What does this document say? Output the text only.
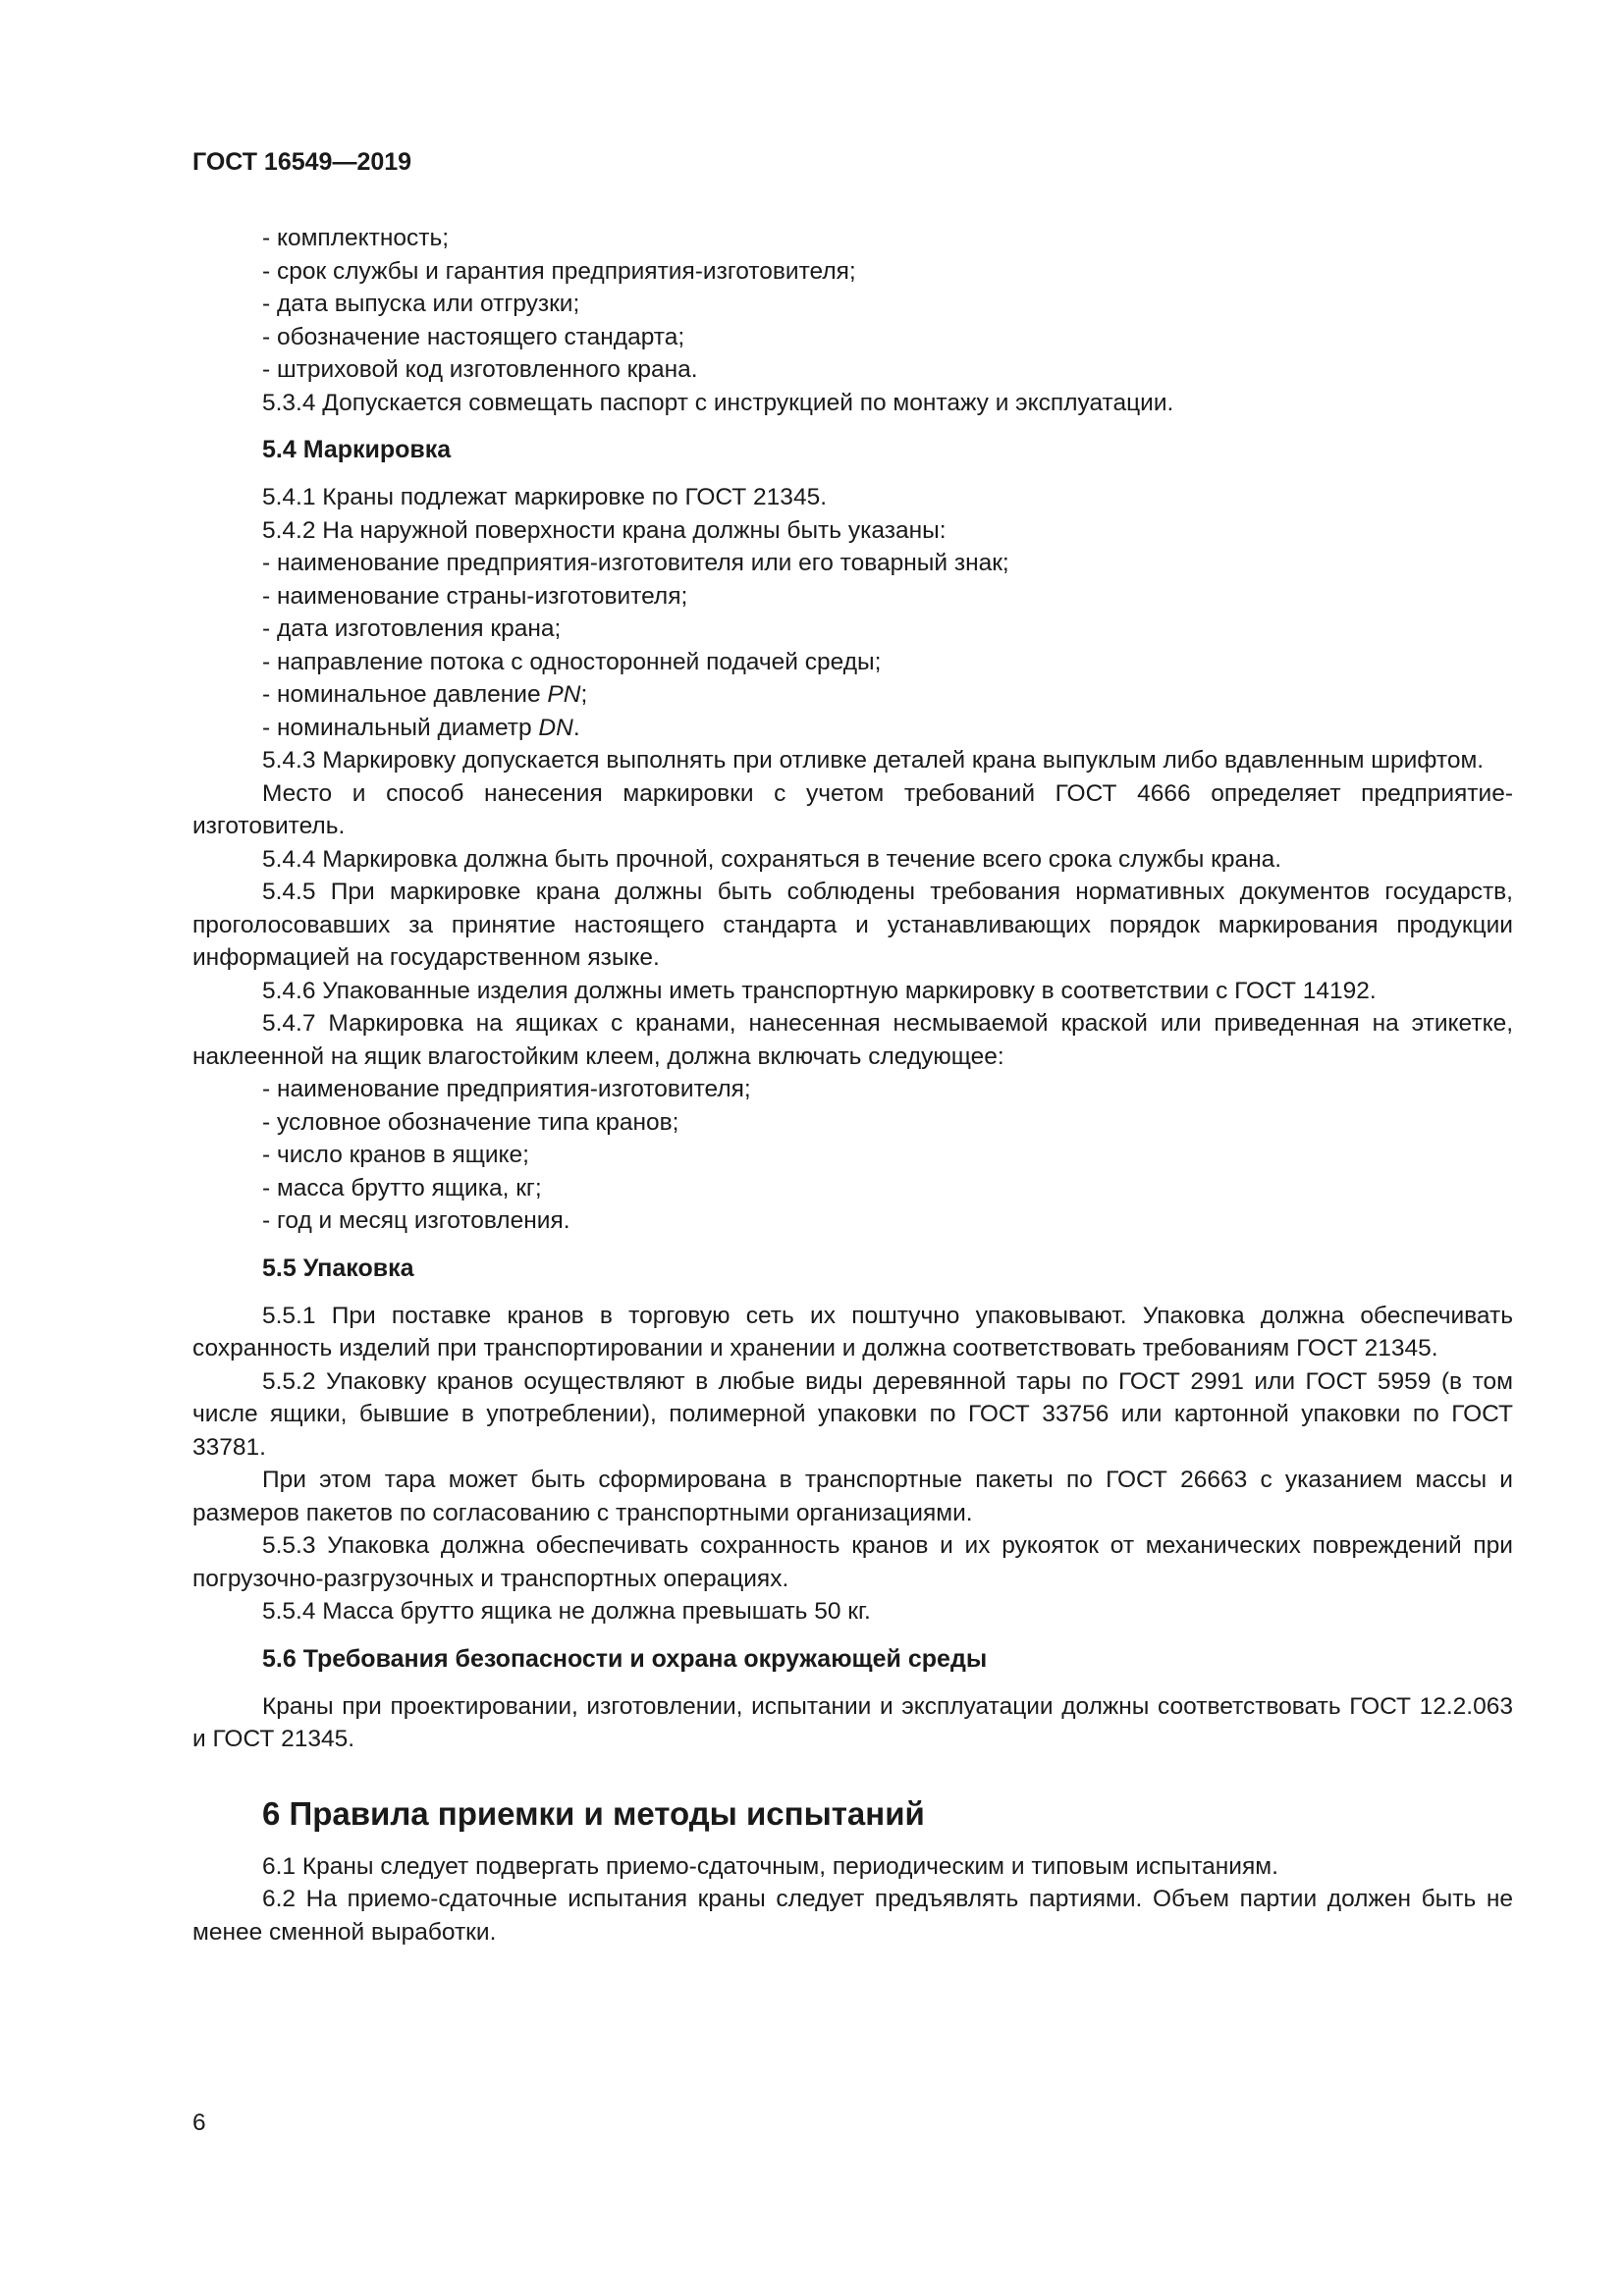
ГОСТ 16549—2019

- комплектность;

- срок службы и гарантия предприятия-изготовителя;

- дата выпуска или отгрузки;

- обозначение настоящего стандарта;

- штриховой код изготовленного крана.

5.3.4 Допускается совмещать паспорт с инструкцией по монтажу и эксплуатации.

5.4 Маркировка

5.4.1 Краны подлежат маркировке по ГОСТ 21345.

5.4.2 На наружной поверхности крана должны быть указаны:

- наименование предприятия-изготовителя или его товарный знак;

- наименование страны-изготовителя;

- дата изготовления крана;

- направление потока с односторонней подачей среды;

- номинальное давление PN;

- номинальный диаметр DN.

5.4.3 Маркировку допускается выполнять при отливке деталей крана выпуклым либо вдавленным шрифтом.

Место и способ нанесения маркировки с учетом требований ГОСТ 4666 определяет предприятие-изготовитель.

5.4.4 Маркировка должна быть прочной, сохраняться в течение всего срока службы крана.

5.4.5 При маркировке крана должны быть соблюдены требования нормативных документов государств, проголосовавших за принятие настоящего стандарта и устанавливающих порядок маркирования продукции информацией на государственном языке.

5.4.6 Упакованные изделия должны иметь транспортную маркировку в соответствии с ГОСТ 14192.

5.4.7 Маркировка на ящиках с кранами, нанесенная несмываемой краской или приведенная на этикетке, наклеенной на ящик влагостойким клеем, должна включать следующее:

- наименование предприятия-изготовителя;

- условное обозначение типа кранов;

- число кранов в ящике;

- масса брутто ящика, кг;

- год и месяц изготовления.

5.5 Упаковка

5.5.1 При поставке кранов в торговую сеть их поштучно упаковывают. Упаковка должна обеспечивать сохранность изделий при транспортировании и хранении и должна соответствовать требованиям ГОСТ 21345.

5.5.2 Упаковку кранов осуществляют в любые виды деревянной тары по ГОСТ 2991 или ГОСТ 5959 (в том числе ящики, бывшие в употреблении), полимерной упаковки по ГОСТ 33756 или картонной упаковки по ГОСТ 33781.

При этом тара может быть сформирована в транспортные пакеты по ГОСТ 26663 с указанием массы и размеров пакетов по согласованию с транспортными организациями.

5.5.3 Упаковка должна обеспечивать сохранность кранов и их рукояток от механических повреждений при погрузочно-разгрузочных и транспортных операциях.

5.5.4 Масса брутто ящика не должна превышать 50 кг.

5.6 Требования безопасности и охрана окружающей среды

Краны при проектировании, изготовлении, испытании и эксплуатации должны соответствовать ГОСТ 12.2.063 и ГОСТ 21345.

6 Правила приемки и методы испытаний

6.1 Краны следует подвергать приемо-сдаточным, периодическим и типовым испытаниям.

6.2 На приемо-сдаточные испытания краны следует предъявлять партиями. Объем партии должен быть не менее сменной выработки.

6
